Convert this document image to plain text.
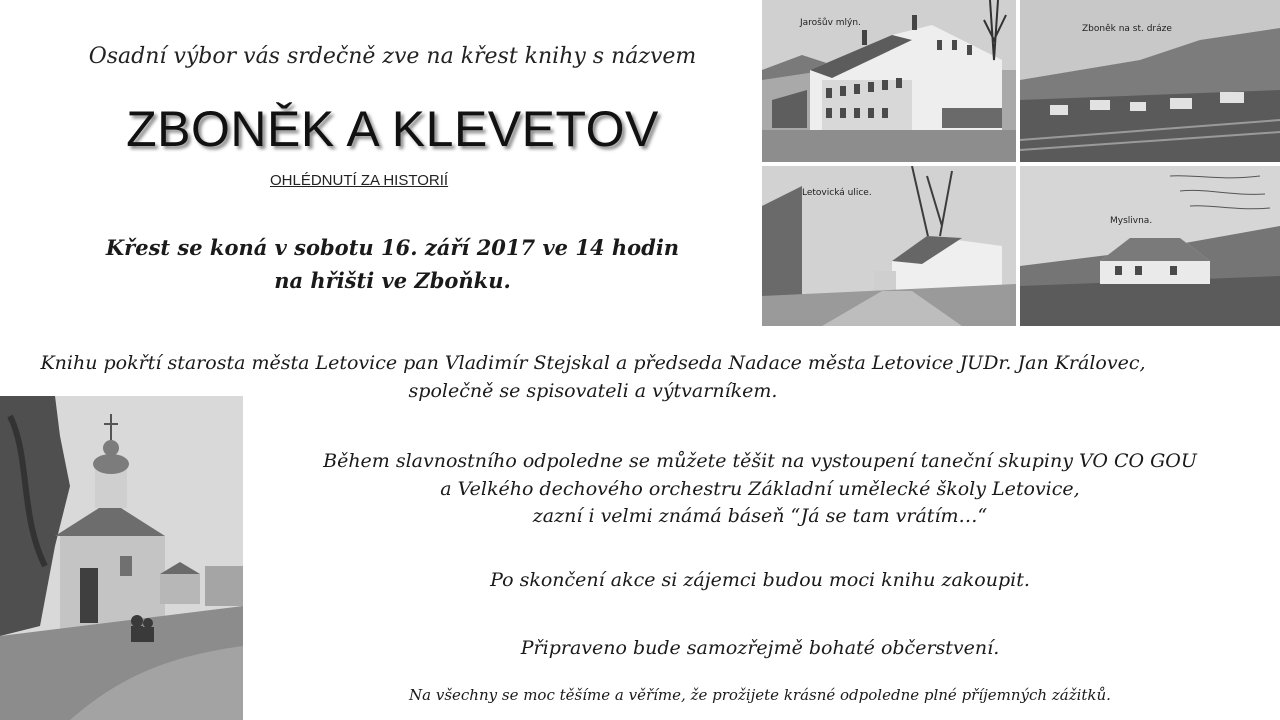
Osadní výbor vás srdečně zve na křest knihy s názvem
ZBONĚK A KLEVETOV
OHLÉDNUTÍ ZA HISTORIÍ
Křest se koná v sobotu 16. září 2017 ve 14 hodin
na hřišti ve Zboňku.
Knihu pokřtí starosta města Letovice pan Vladimír Stejskal a předseda Nadace města Letovice JUDr. Jan Královec,
společně se spisovateli a výtvarníkem.
Během slavnostního odpoledne se můžete těšit na vystoupení taneční skupiny VO CO GOU
a Velkého dechového orchestru Základní umělecké školy Letovice,
zazní i velmi známá báseň “Já se tam vrátím…“
Po skončení akce si zájemci budou moci knihu zakoupit.
Připraveno bude samozřejmě bohaté občerstvení.
Na všechny se moc těšíme a věříme, že prožijete krásné odpoledne plné příjemných zážitků.
Jarošův mlýn.
Zboněk na st. dráze
Letovická ulice.
Myslivna.
